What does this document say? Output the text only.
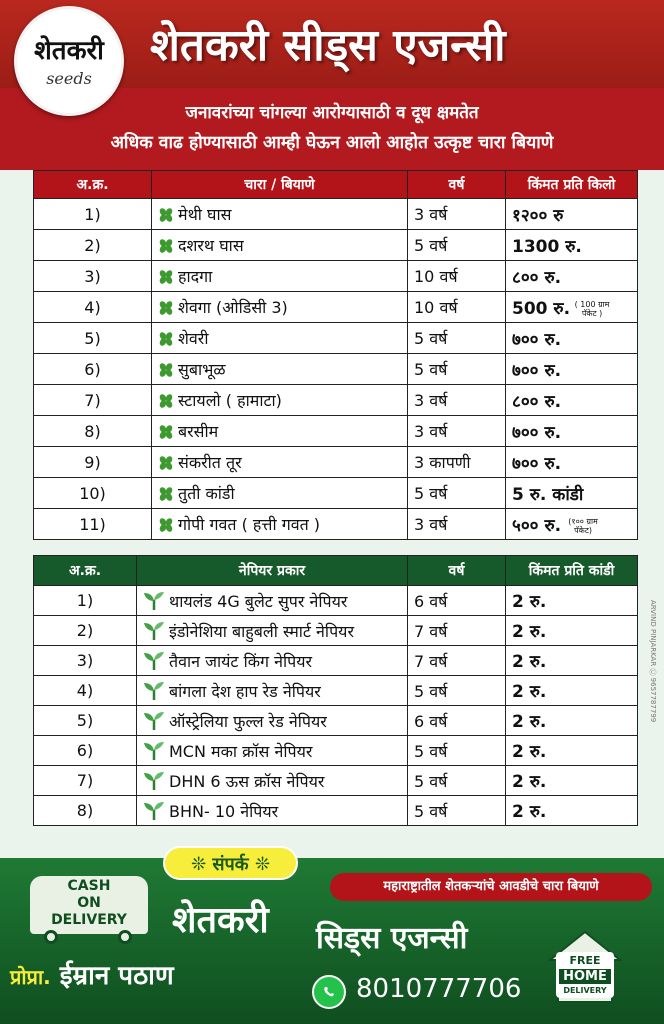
शेतकरी
seeds
शेतकरी सीड्स एजन्सी
जनावरांच्या चांगल्या आरोग्यासाठी व दूध क्षमतेत
अधिक वाढ होण्यासाठी आम्ही घेऊन आलो आहोत उत्कृष्ट चारा बियाणे
अ.क्र.	चारा / बियाणे	वर्ष	किंमत प्रति किलो
1)	मेथी घास	3 वर्ष	१२०० रु
2)	दशरथ घास	5 वर्ष	1300 रु.
3)	हादगा	10 वर्ष	८०० रु.
4)	शेवगा (ओडिसी 3)	10 वर्ष	500 रु. ( 100 ग्राम पॅकेट )
5)	शेवरी	5 वर्ष	७०० रु.
6)	सुबाभूळ	5 वर्ष	७०० रु.
7)	स्टायलो ( हामाटा)	3 वर्ष	८०० रु.
8)	बरसीम	3 वर्ष	७०० रु.
9)	संकरीत तूर	3 कापणी	७०० रु.
10)	तुती कांडी	5 वर्ष	5 रु. कांडी
11)	गोपी गवत ( हत्ती गवत )	3 वर्ष	५०० रु. (१०० ग्राम पॅकेट)
अ.क्र.	नेपियर प्रकार	वर्ष	किंमत प्रति कांडी
1)	थायलंड 4G बुलेट सुपर नेपियर	6 वर्ष	2 रु.
2)	इंडोनेशिया बाहुबली स्मार्ट नेपियर	7 वर्ष	2 रु.
3)	तैवान जायंट किंग नेपियर	7 वर्ष	2 रु.
4)	बांगला देश हाप रेड नेपियर	5 वर्ष	2 रु.
5)	ऑस्ट्रेलिया फुल्ल रेड नेपियर	6 वर्ष	2 रु.
6)	MCN मका क्रॉस नेपियर	5 वर्ष	2 रु.
7)	DHN 6 ऊस क्रॉस नेपियर	5 वर्ष	2 रु.
8)	BHN- 10 नेपियर	5 वर्ष	2 रु.
ARVIND PINJARKAR Ⓒ 9657787799
❊ संपर्क ❊
महाराष्ट्रातील शेतकऱ्यांचे आवडीचे चारा बियाणे
CASH
ON
DELIVERY	शेतकरी	सिड्स एजन्सी
प्रोप्रा. ईम्रान पठाण	8010777706
FREE
HOME
DELIVERY
